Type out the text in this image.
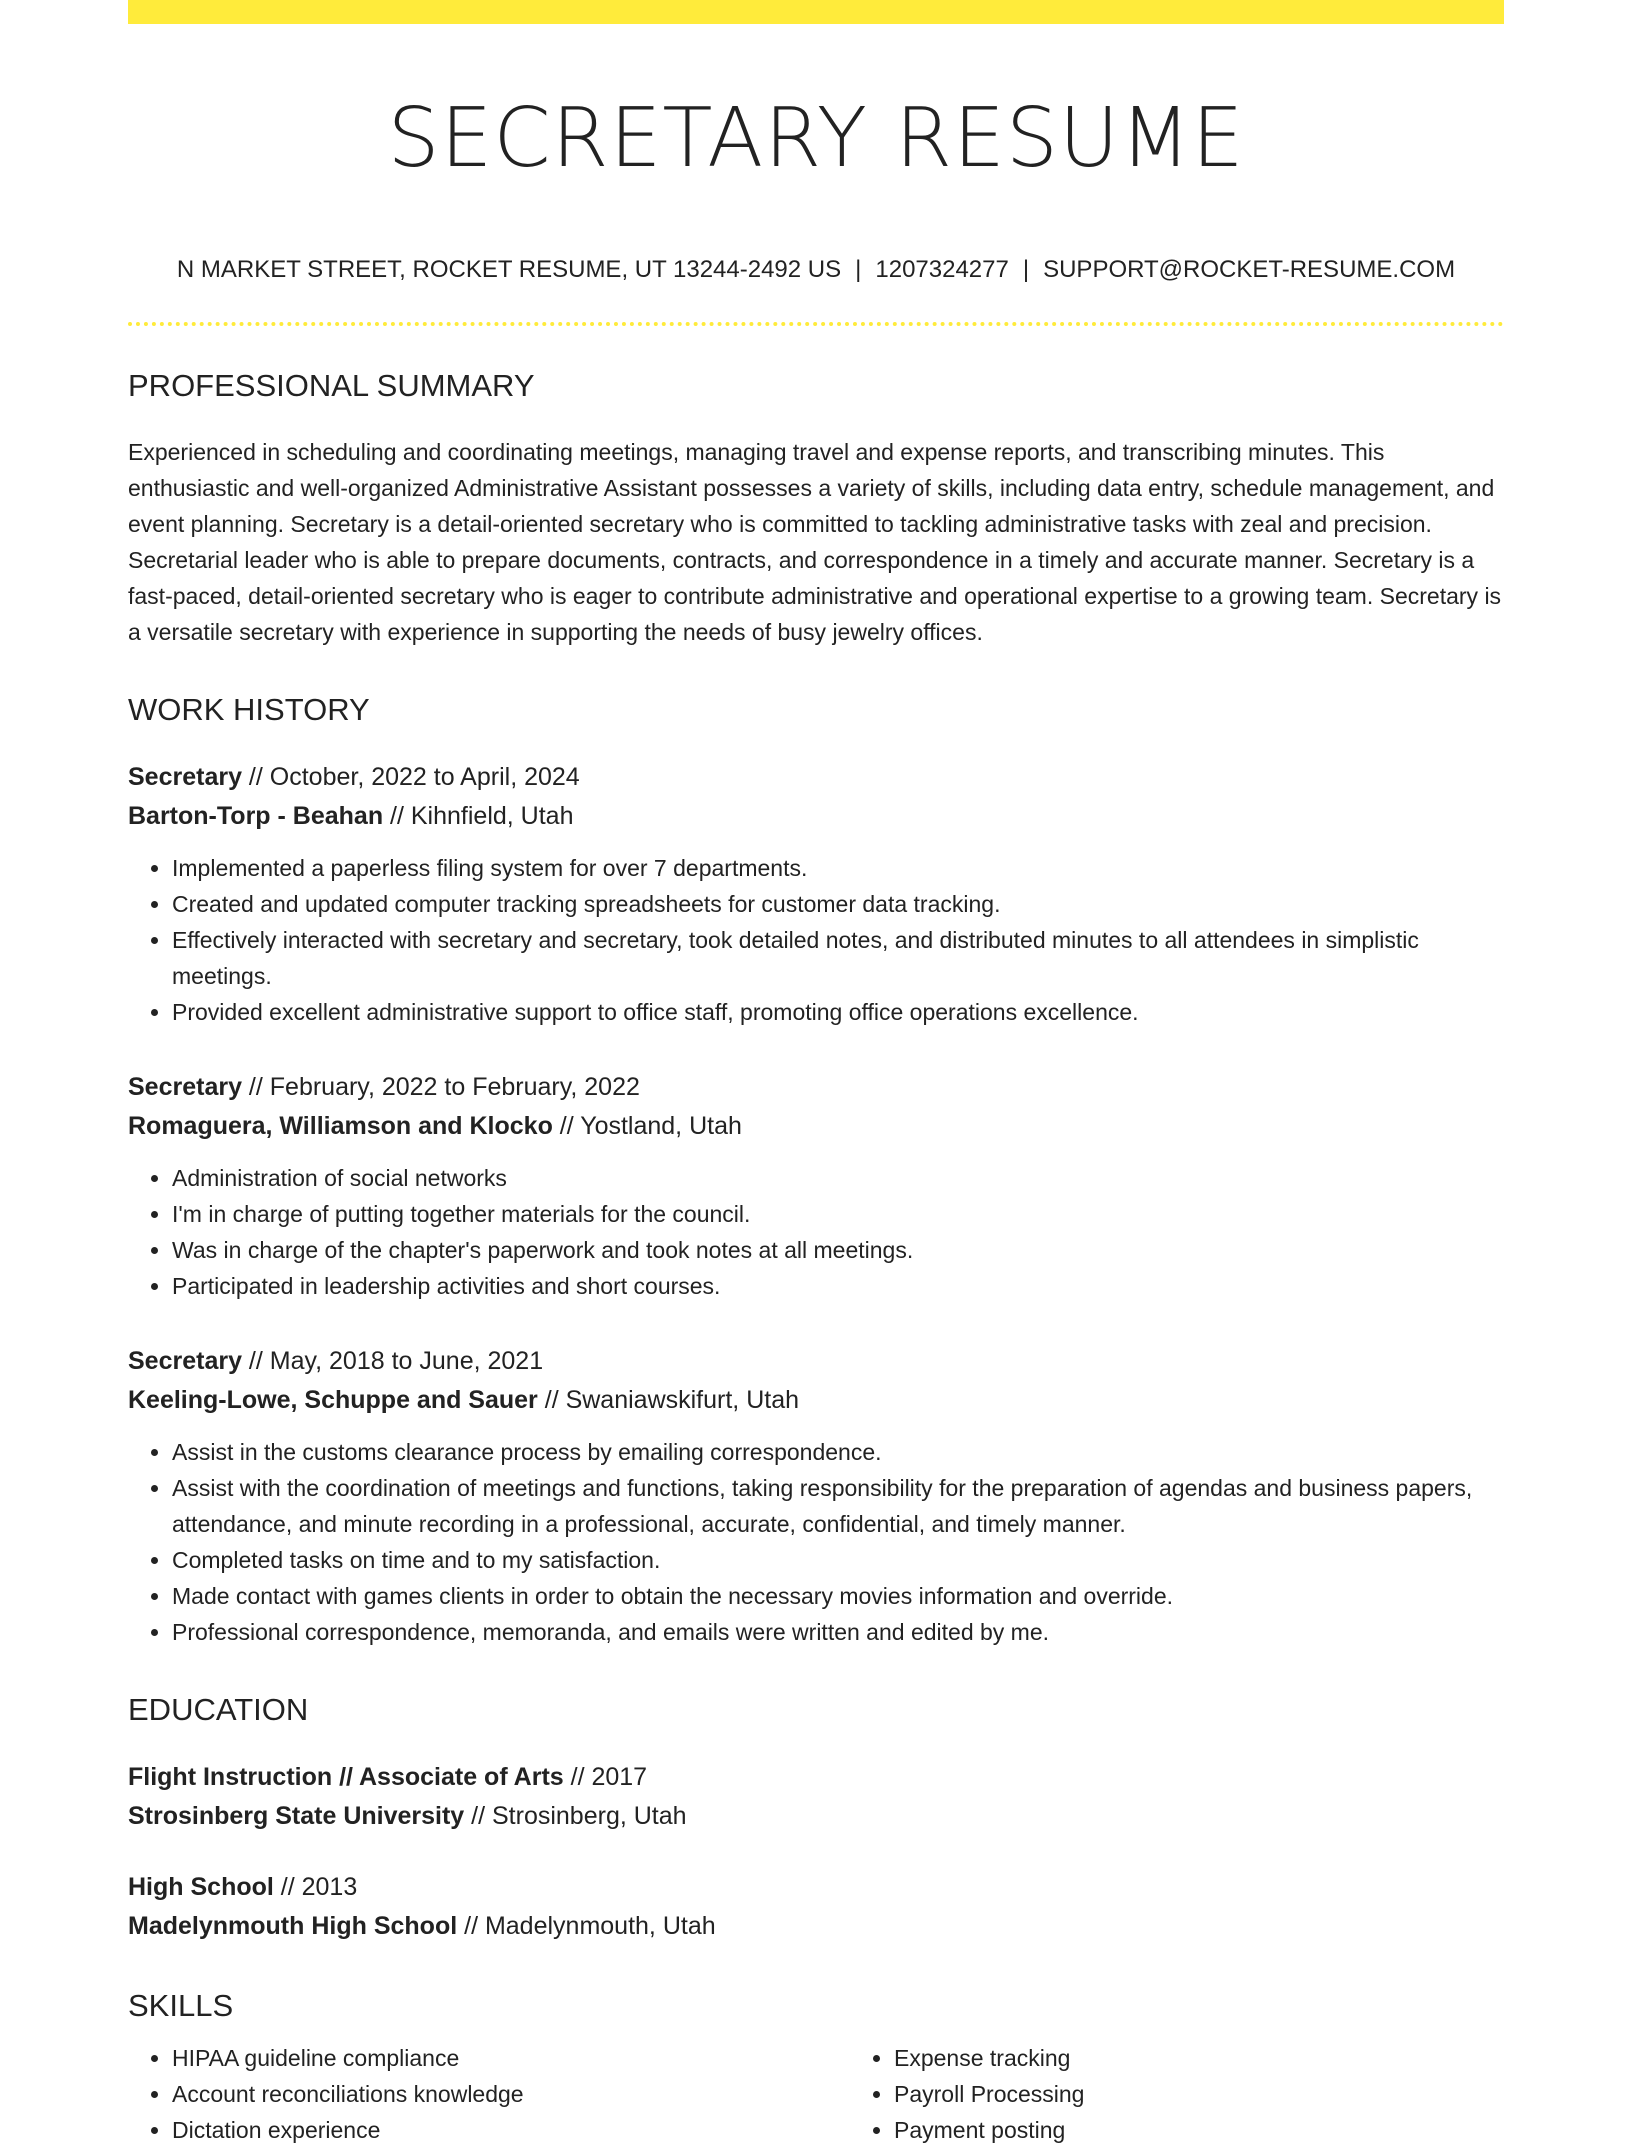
SECRETARY RESUME
N MARKET STREET, ROCKET RESUME, UT 13244-2492 US | 1207324277 | SUPPORT@ROCKET-RESUME.COM
PROFESSIONAL SUMMARY
Experienced in scheduling and coordinating meetings, managing travel and expense reports, and transcribing minutes. This enthusiastic and well-organized Administrative Assistant possesses a variety of skills, including data entry, schedule management, and event planning. Secretary is a detail-oriented secretary who is committed to tackling administrative tasks with zeal and precision. Secretarial leader who is able to prepare documents, contracts, and correspondence in a timely and accurate manner. Secretary is a fast-paced, detail-oriented secretary who is eager to contribute administrative and operational expertise to a growing team. Secretary is a versatile secretary with experience in supporting the needs of busy jewelry offices.
WORK HISTORY
Secretary // October, 2022 to April, 2024
Barton-Torp - Beahan // Kihnfield, Utah
• Implemented a paperless filing system for over 7 departments.
• Created and updated computer tracking spreadsheets for customer data tracking.
• Effectively interacted with secretary and secretary, took detailed notes, and distributed minutes to all attendees in simplistic meetings.
• Provided excellent administrative support to office staff, promoting office operations excellence.
Secretary // February, 2022 to February, 2022
Romaguera, Williamson and Klocko // Yostland, Utah
• Administration of social networks
• I'm in charge of putting together materials for the council.
• Was in charge of the chapter's paperwork and took notes at all meetings.
• Participated in leadership activities and short courses.
Secretary // May, 2018 to June, 2021
Keeling-Lowe, Schuppe and Sauer // Swaniawskifurt, Utah
• Assist in the customs clearance process by emailing correspondence.
• Assist with the coordination of meetings and functions, taking responsibility for the preparation of agendas and business papers, attendance, and minute recording in a professional, accurate, confidential, and timely manner.
• Completed tasks on time and to my satisfaction.
• Made contact with games clients in order to obtain the necessary movies information and override.
• Professional correspondence, memoranda, and emails were written and edited by me.
EDUCATION
Flight Instruction // Associate of Arts // 2017
Strosinberg State University // Strosinberg, Utah
High School // 2013
Madelynmouth High School // Madelynmouth, Utah
SKILLS
• HIPAA guideline compliance
• Account reconciliations knowledge
• Dictation experience
• Expense tracking
• Payroll Processing
• Payment posting
